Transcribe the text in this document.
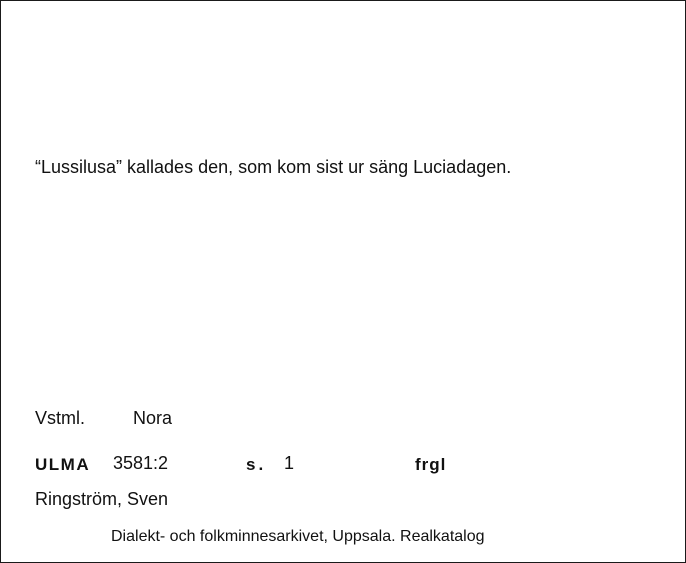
“Lussilusa” kallades den, som kom sist ur säng Luciadagen.
Vstml.	Nora
ULMA 3581:2	s. 1	frgl
Ringström, Sven
Dialekt- och folkminnesarkivet, Uppsala. Realkatalog
